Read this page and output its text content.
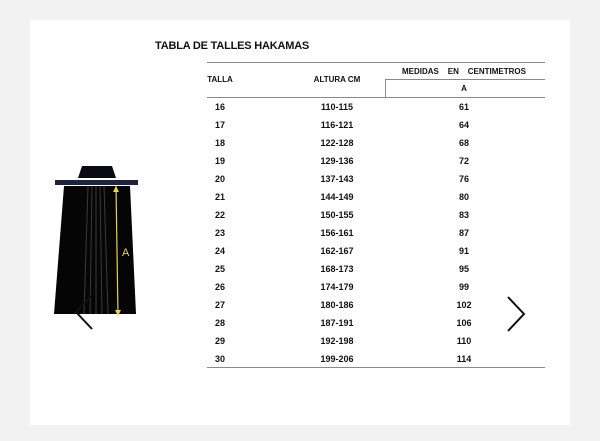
TABLA DE TALLES HAKAMAS
TALLA	ALTURA CM
MEDIDAS    EN    CENTIMETROS
A
16	110-115	61
17	116-121	64
18	122-128	68
19	129-136	72
20	137-143	76
21	144-149	80
22	150-155	83
23	156-161	87
24	162-167	91
25	168-173	95
26	174-179	99
27	180-186	102
28	187-191	106
29	192-198	110
30	199-206	114
A
